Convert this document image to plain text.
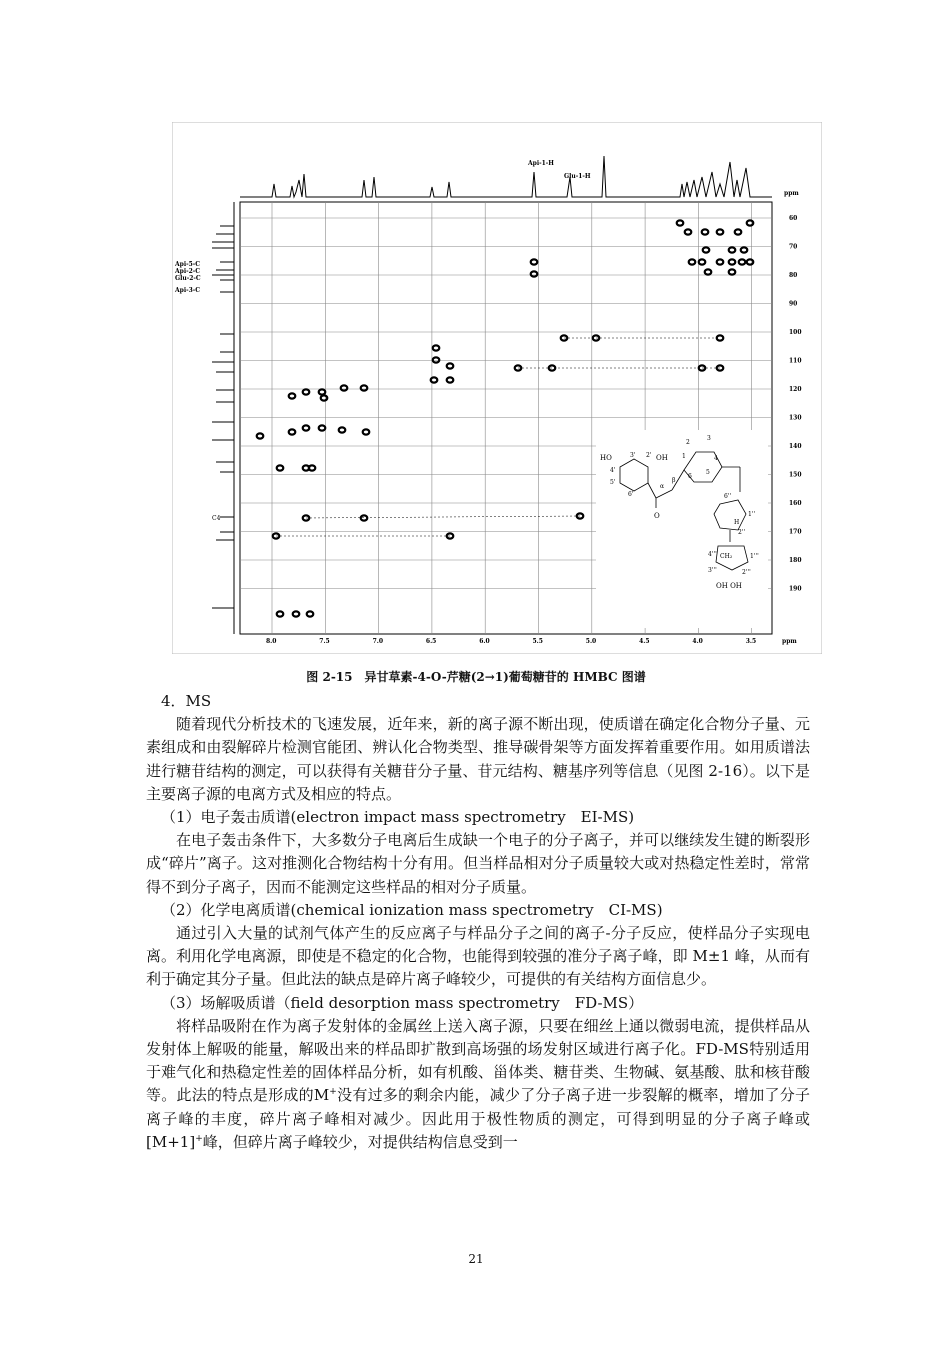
Api-1-H
Glu-1-H
ppm
Api-5-C
Api-2-C
Glu-2-C
Api-3-C
C4
60
70
80
90
100
110
120
130
140
150
160
170
180
190
8.0	7.5	7.0	6.5	6.0	5.5	5.0	4.5	4.0	3.5	ppm
HO	OH
O
3' 2'
4'
5'
6'
1
2
3
4
5
6
α
β
1''
2''
6''
1'''
2'''
3'''
4'''
H
OH OH
CH₂
图 2-15　异甘草素-4-O-芹糖(2→1)葡萄糖苷的 HMBC 图谱

4．MS

随着现代分析技术的飞速发展，近年来，新的离子源不断出现，使质谱在确定化合物分子量、元素组成和由裂解碎片检测官能团、辨认化合物类型、推导碳骨架等方面发挥着重要作用。如用质谱法进行糖苷结构的测定，可以获得有关糖苷分子量、苷元结构、糖基序列等信息（见图 2-16）。以下是主要离子源的电离方式及相应的特点。

（1）电子轰击质谱(electron impact mass spectrometry　EI-MS)

在电子轰击条件下，大多数分子电离后生成缺一个电子的分子离子，并可以继续发生键的断裂形成“碎片”离子。这对推测化合物结构十分有用。但当样品相对分子质量较大或对热稳定性差时，常常得不到分子离子，因而不能测定这些样品的相对分子质量。

（2）化学电离质谱(chemical ionization mass spectrometry　CI-MS)

通过引入大量的试剂气体产生的反应离子与样品分子之间的离子-分子反应，使样品分子实现电离。利用化学电离源，即使是不稳定的化合物，也能得到较强的准分子离子峰，即 M±1 峰，从而有利于确定其分子量。但此法的缺点是碎片离子峰较少，可提供的有关结构方面信息少。

（3）场解吸质谱（field desorption mass spectrometry　FD-MS）

将样品吸附在作为离子发射体的金属丝上送入离子源，只要在细丝上通以微弱电流，提供样品从发射体上解吸的能量，解吸出来的样品即扩散到高场强的场发射区域进行离子化。FD-MS特别适用于难气化和热稳定性差的固体样品分析，如有机酸、甾体类、糖苷类、生物碱、氨基酸、肽和核苷酸等。此法的特点是形成的M+没有过多的剩余内能，减少了分子离子进一步裂解的概率，增加了分子离子峰的丰度，碎片离子峰相对减少。因此用于极性物质的测定，可得到明显的分子离子峰或[M+1]+峰，但碎片离子峰较少，对提供结构信息受到一

21
